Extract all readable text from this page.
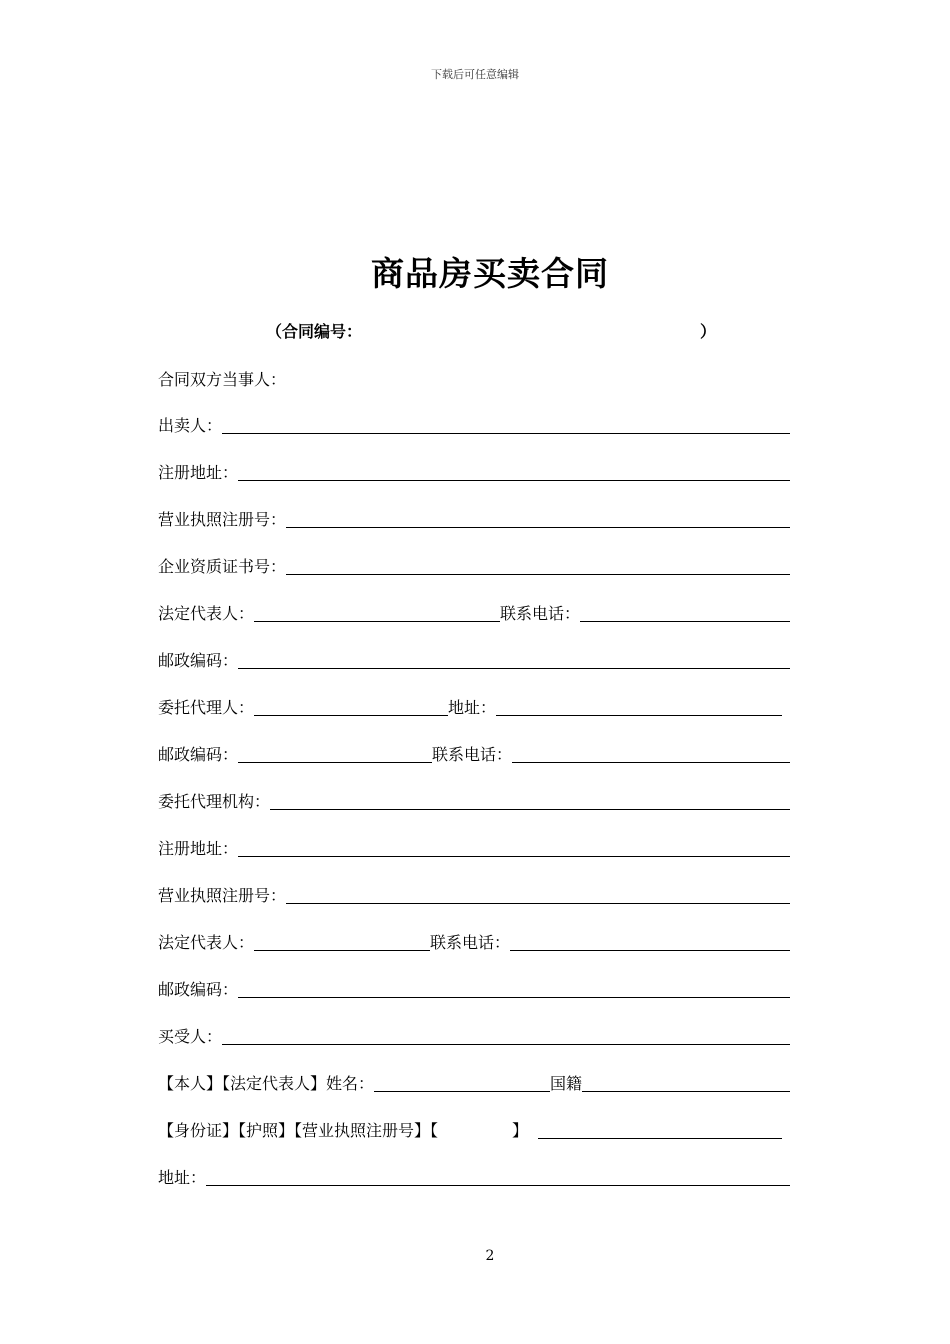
下载后可任意编辑
商品房买卖合同
（合同编号：	）
合同双方当事人：
出卖人：
注册地址：
营业执照注册号：
企业资质证书号：
法定代表人：	联系电话：
邮政编码：
委托代理人：	地址：
邮政编码：	联系电话：
委托代理机构：
注册地址：
营业执照注册号：
法定代表人：	联系电话：
邮政编码：
买受人：
【本人】【法定代表人】姓名：	国籍
【身份证】【护照】【营业执照注册号】【	】
地址：
2
